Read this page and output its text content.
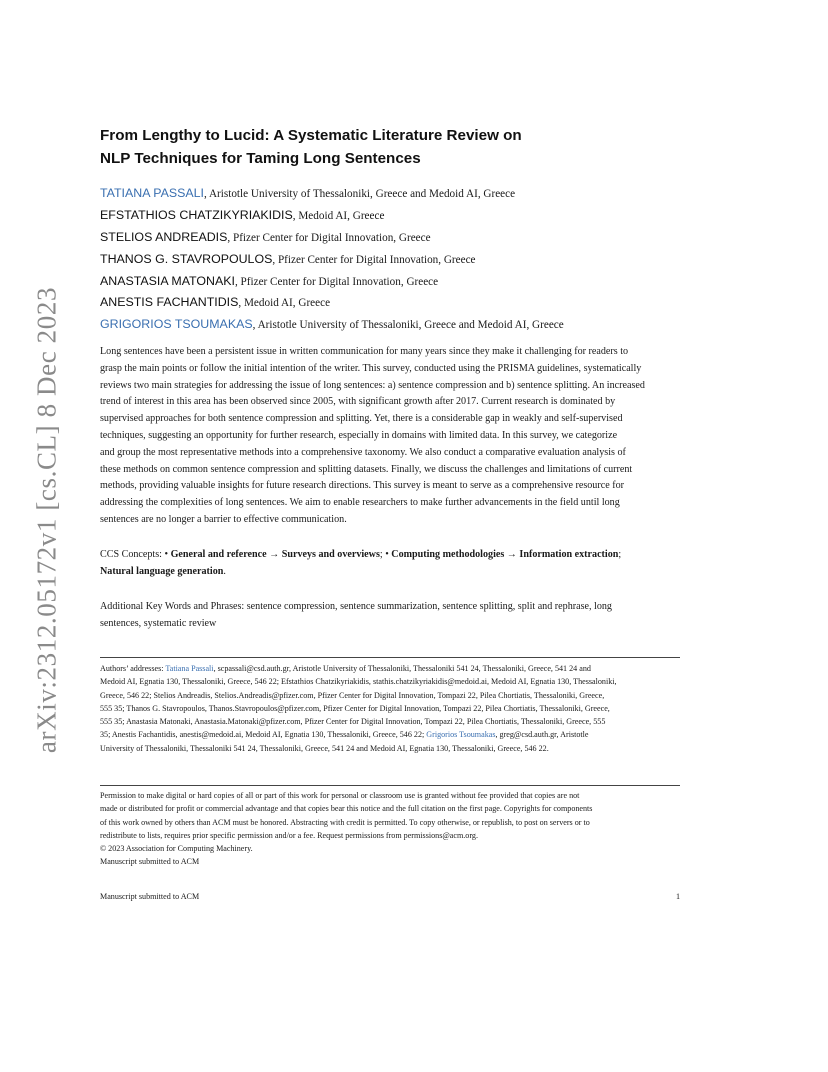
arXiv:2312.05172v1 [cs.CL] 8 Dec 2023
From Lengthy to Lucid: A Systematic Literature Review on
NLP Techniques for Taming Long Sentences
TATIANA PASSALI, Aristotle University of Thessaloniki, Greece and Medoid AI, Greece
EFSTATHIOS CHATZIKYRIAKIDIS, Medoid AI, Greece
STELIOS ANDREADIS, Pfizer Center for Digital Innovation, Greece
THANOS G. STAVROPOULOS, Pfizer Center for Digital Innovation, Greece
ANASTASIA MATONAKI, Pfizer Center for Digital Innovation, Greece
ANESTIS FACHANTIDIS, Medoid AI, Greece
GRIGORIOS TSOUMAKAS, Aristotle University of Thessaloniki, Greece and Medoid AI, Greece
Long sentences have been a persistent issue in written communication for many years since they make it challenging for readers to
grasp the main points or follow the initial intention of the writer. This survey, conducted using the PRISMA guidelines, systematically
reviews two main strategies for addressing the issue of long sentences: a) sentence compression and b) sentence splitting. An increased
trend of interest in this area has been observed since 2005, with significant growth after 2017. Current research is dominated by
supervised approaches for both sentence compression and splitting. Yet, there is a considerable gap in weakly and self-supervised
techniques, suggesting an opportunity for further research, especially in domains with limited data. In this survey, we categorize
and group the most representative methods into a comprehensive taxonomy. We also conduct a comparative evaluation analysis of
these methods on common sentence compression and splitting datasets. Finally, we discuss the challenges and limitations of current
methods, providing valuable insights for future research directions. This survey is meant to serve as a comprehensive resource for
addressing the complexities of long sentences. We aim to enable researchers to make further advancements in the field until long
sentences are no longer a barrier to effective communication.
CCS Concepts: • General and reference → Surveys and overviews; • Computing methodologies → Information extraction;
Natural language generation.
Additional Key Words and Phrases: sentence compression, sentence summarization, sentence splitting, split and rephrase, long
sentences, systematic review
Authors’ addresses: Tatiana Passali, scpassali@csd.auth.gr, Aristotle University of Thessaloniki, Thessaloniki 541 24, Thessaloniki, Greece, 541 24 and
Medoid AI, Egnatia 130, Thessaloniki, Greece, 546 22; Efstathios Chatzikyriakidis, stathis.chatzikyriakidis@medoid.ai, Medoid AI, Egnatia 130, Thessaloniki,
Greece, 546 22; Stelios Andreadis, Stelios.Andreadis@pfizer.com, Pfizer Center for Digital Innovation, Tompazi 22, Pilea Chortiatis, Thessaloniki, Greece,
555 35; Thanos G. Stavropoulos, Thanos.Stavropoulos@pfizer.com, Pfizer Center for Digital Innovation, Tompazi 22, Pilea Chortiatis, Thessaloniki, Greece,
555 35; Anastasia Matonaki, Anastasia.Matonaki@pfizer.com, Pfizer Center for Digital Innovation, Tompazi 22, Pilea Chortiatis, Thessaloniki, Greece, 555
35; Anestis Fachantidis, anestis@medoid.ai, Medoid AI, Egnatia 130, Thessaloniki, Greece, 546 22; Grigorios Tsoumakas, greg@csd.auth.gr, Aristotle
University of Thessaloniki, Thessaloniki 541 24, Thessaloniki, Greece, 541 24 and Medoid AI, Egnatia 130, Thessaloniki, Greece, 546 22.
Permission to make digital or hard copies of all or part of this work for personal or classroom use is granted without fee provided that copies are not
made or distributed for profit or commercial advantage and that copies bear this notice and the full citation on the first page. Copyrights for components
of this work owned by others than ACM must be honored. Abstracting with credit is permitted. To copy otherwise, or republish, to post on servers or to
redistribute to lists, requires prior specific permission and/or a fee. Request permissions from permissions@acm.org.
© 2023 Association for Computing Machinery.
Manuscript submitted to ACM
Manuscript submitted to ACM	1
